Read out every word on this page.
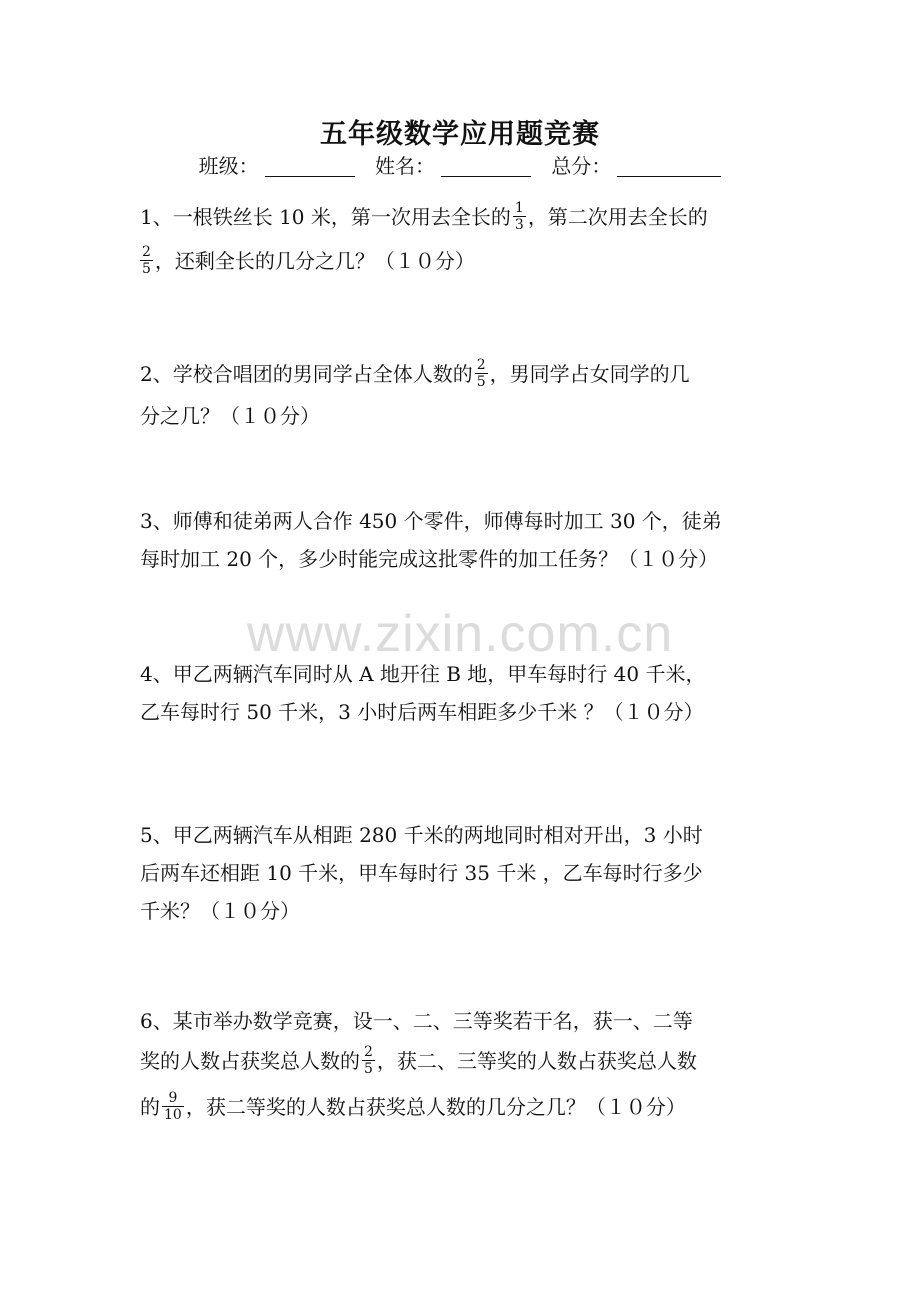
五年级数学应用题竞赛
班级：	姓名：	总分：
1、一根铁丝长 10 米，第一次用去全长的 $\frac{1}{3}$ ，第二次用去全长的
$\frac{2}{5}$ ，还剩全长的几分之几？（１０分）
2、学校合唱团的男同学占全体人数的 $\frac{2}{5}$ ，男同学占女同学的几
分之几？（１０分）
3、师傅和徒弟两人合作 450 个零件，师傅每时加工 30 个，徒弟
每时加工 20 个，多少时能完成这批零件的加工任务？（１０分）
www.zixin.com.cn
4、甲乙两辆汽车同时从 A 地开往 B 地，甲车每时行 40 千米，
乙车每时行 50 千米，3 小时后两车相距多少千米 ？（１０分）
5、甲乙两辆汽车从相距 280 千米的两地同时相对开出，3 小时
后两车还相距 10 千米，甲车每时行 35 千米 ，乙车每时行多少
千米？（１０分）
6、某市举办数学竞赛，设一、二、三等奖若干名，获一、二等
奖的人数占获奖总人数的 $\frac{2}{5}$ ，获二、三等奖的人数占获奖总人数
的 $\frac{9}{10}$ ，获二等奖的人数占获奖总人数的几分之几？（１０分）
